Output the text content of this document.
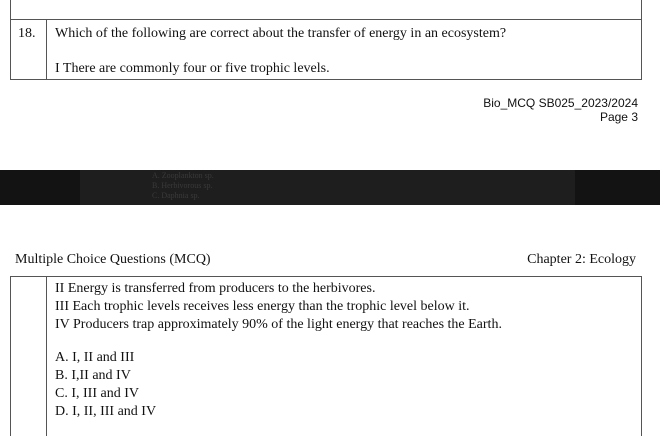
18. Which of the following are correct about the transfer of energy in an ecosystem?
I There are commonly four or five trophic levels.
Bio_MCQ SB025_2023/2024
Page 3
A. Zooplankton sp.
B. Herbivorous sp.
C. Daphnia sp.
Multiple Choice Questions (MCQ)	Chapter 2: Ecology
II Energy is transferred from producers to the herbivores.
III Each trophic levels receives less energy than the trophic level below it.
IV Producers trap approximately 90% of the light energy that reaches the Earth.
A. I, II and III
B. I,II and IV
C. I, III and IV
D. I, II, III and IV
